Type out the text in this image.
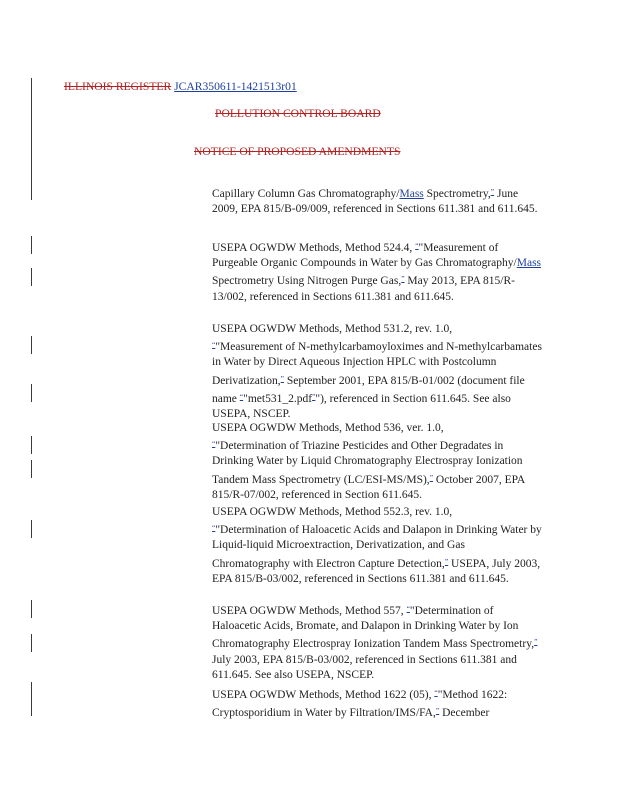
ILLINOIS REGISTER JCAR350611-1421513r01
POLLUTION CONTROL BOARD
NOTICE OF PROPOSED AMENDMENTS
Capillary Column Gas Chromatography/Mass Spectrometry,” June 2009, EPA 815/B-09/009, referenced in Sections 611.381 and 611.645.
USEPA OGWDW Methods, Method 524.4, “"Measurement of Purgeable Organic Compounds in Water by Gas Chromatography/Mass Spectrometry Using Nitrogen Purge Gas,” May 2013, EPA 815/R-13/002, referenced in Sections 611.381 and 611.645.
USEPA OGWDW Methods, Method 531.2, rev. 1.0,
“"Measurement of N-methylcarbamoyloximes and N-methylcarbamates in Water by Direct Aqueous Injection HPLC with Postcolumn Derivatization,” September 2001, EPA 815/B-01/002 (document file name “"met531_2.pdf”"), referenced in Section 611.645. See also USEPA, NSCEP.
USEPA OGWDW Methods, Method 536, ver. 1.0,
“"Determination of Triazine Pesticides and Other Degradates in Drinking Water by Liquid Chromatography Electrospray Ionization Tandem Mass Spectrometry (LC/ESI-MS/MS),” October 2007, EPA 815/R-07/002, referenced in Section 611.645.
USEPA OGWDW Methods, Method 552.3, rev. 1.0,
“"Determination of Haloacetic Acids and Dalapon in Drinking Water by Liquid-liquid Microextraction, Derivatization, and Gas Chromatography with Electron Capture Detection,” USEPA, July 2003, EPA 815/B-03/002, referenced in Sections 611.381 and 611.645.
USEPA OGWDW Methods, Method 557, “"Determination of Haloacetic Acids, Bromate, and Dalapon in Drinking Water by Ion Chromatography Electrospray Ionization Tandem Mass Spectrometry,” July 2003, EPA 815/B-03/002, referenced in Sections 611.381 and 611.645. See also USEPA, NSCEP.
USEPA OGWDW Methods, Method 1622 (05), “"Method 1622: Cryptosporidium in Water by Filtration/IMS/FA,” December
